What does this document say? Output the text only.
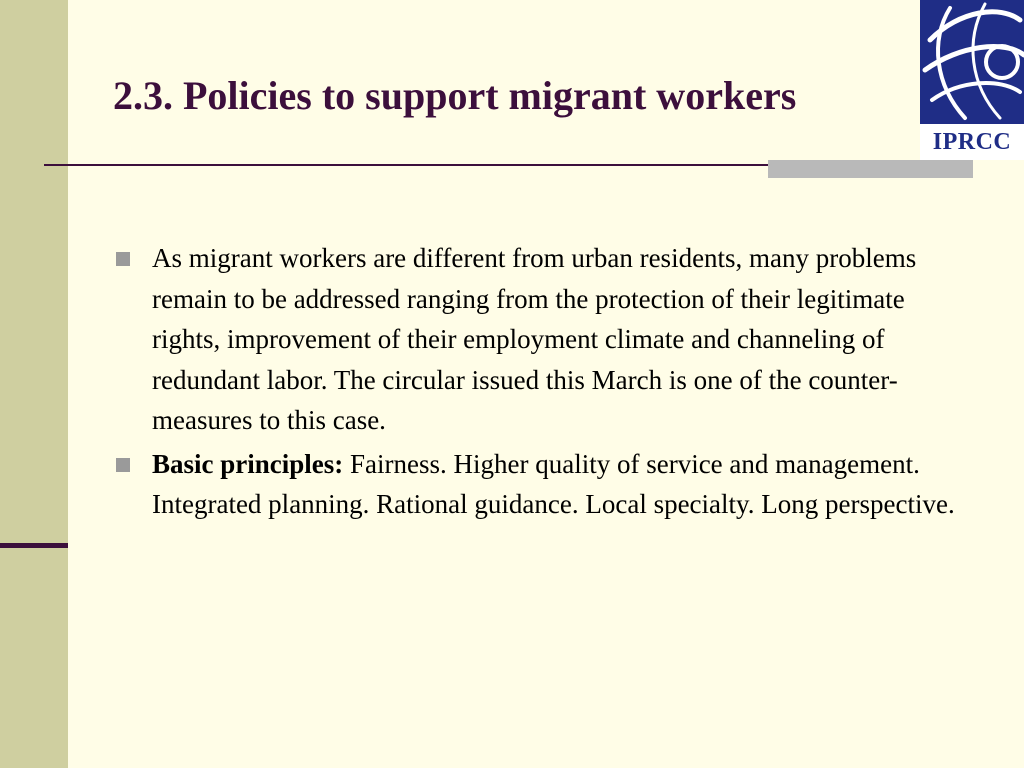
2.3. Policies to support migrant workers
IPRCC
As migrant workers are different from urban residents, many problems remain to be addressed ranging from the protection of their legitimate rights, improvement of their employment climate and channeling of redundant labor. The circular issued this March is one of the counter-measures to this case.
Basic principles: Fairness. Higher quality of service and management. Integrated planning. Rational guidance. Local specialty. Long perspective.
